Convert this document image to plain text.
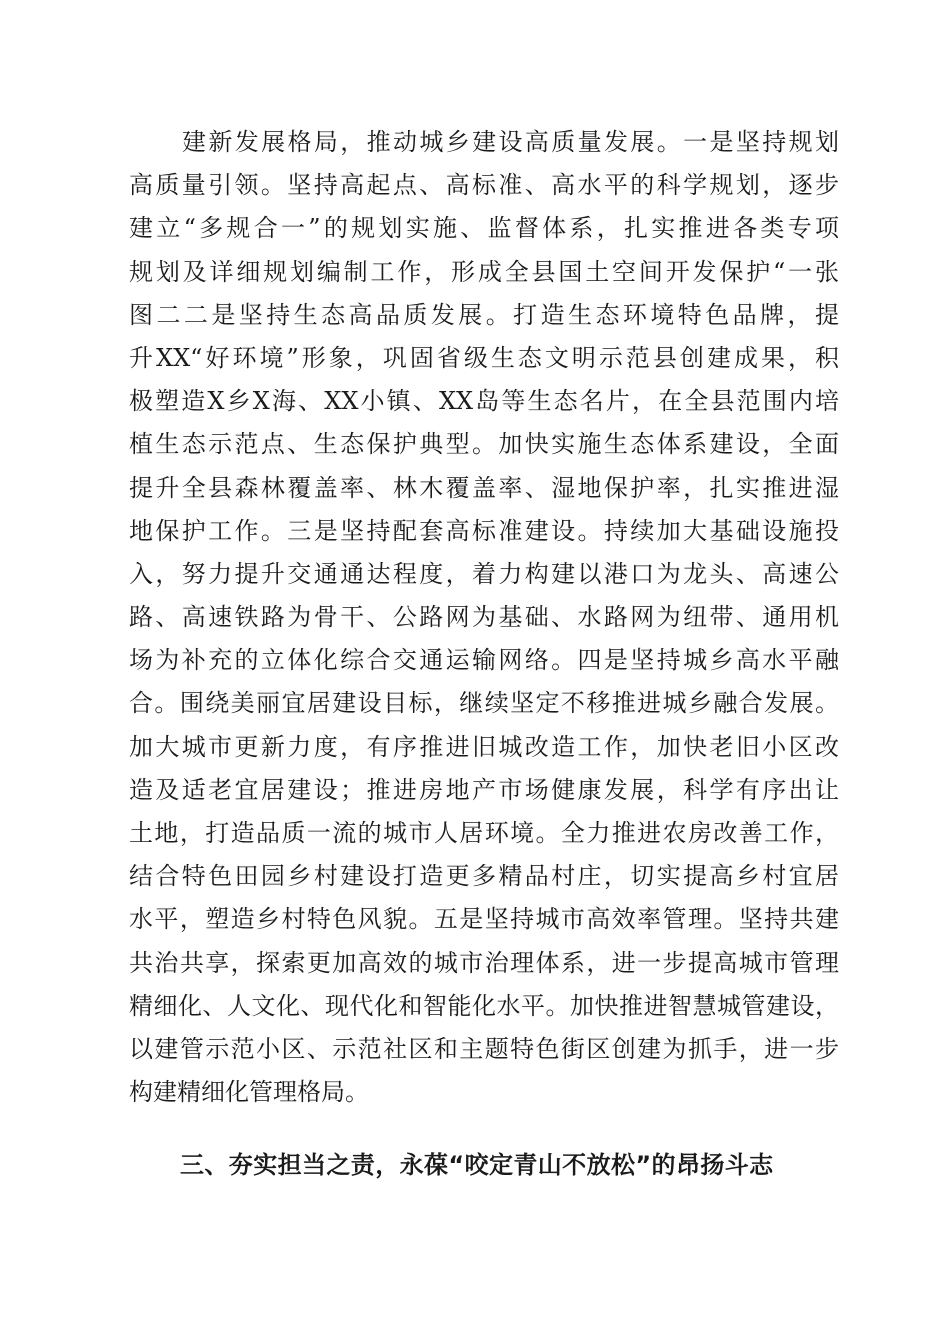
建新发展格局，推动城乡建设高质量发展。一是坚持规划
高质量引领。坚持高起点、高标准、高水平的科学规划，逐步
建立“多规合一”的规划实施、监督体系，扎实推进各类专项
规划及详细规划编制工作，形成全县国土空间开发保护“一张
图二二是坚持生态高品质发展。打造生态环境特色品牌，提
升XX“好环境”形象，巩固省级生态文明示范县创建成果，积
极塑造X乡X海、XX小镇、XX岛等生态名片，在全县范围内培
植生态示范点、生态保护典型。加快实施生态体系建设，全面
提升全县森林覆盖率、林木覆盖率、湿地保护率，扎实推进湿
地保护工作。三是坚持配套高标准建设。持续加大基础设施投
入，努力提升交通通达程度，着力构建以港口为龙头、高速公
路、高速铁路为骨干、公路网为基础、水路网为纽带、通用机
场为补充的立体化综合交通运输网络。四是坚持城乡高水平融
合。围绕美丽宜居建设目标，继续坚定不移推进城乡融合发展。
加大城市更新力度，有序推进旧城改造工作，加快老旧小区改
造及适老宜居建设；推进房地产市场健康发展，科学有序出让
土地，打造品质一流的城市人居环境。全力推进农房改善工作，
结合特色田园乡村建设打造更多精品村庄，切实提高乡村宜居
水平，塑造乡村特色风貌。五是坚持城市高效率管理。坚持共建
共治共享，探索更加高效的城市治理体系，进一步提高城市管理
精细化、人文化、现代化和智能化水平。加快推进智慧城管建设，
以建管示范小区、示范社区和主题特色街区创建为抓手，进一步
构建精细化管理格局。
三、夯实担当之责，永葆“咬定青山不放松”的昂扬斗志
